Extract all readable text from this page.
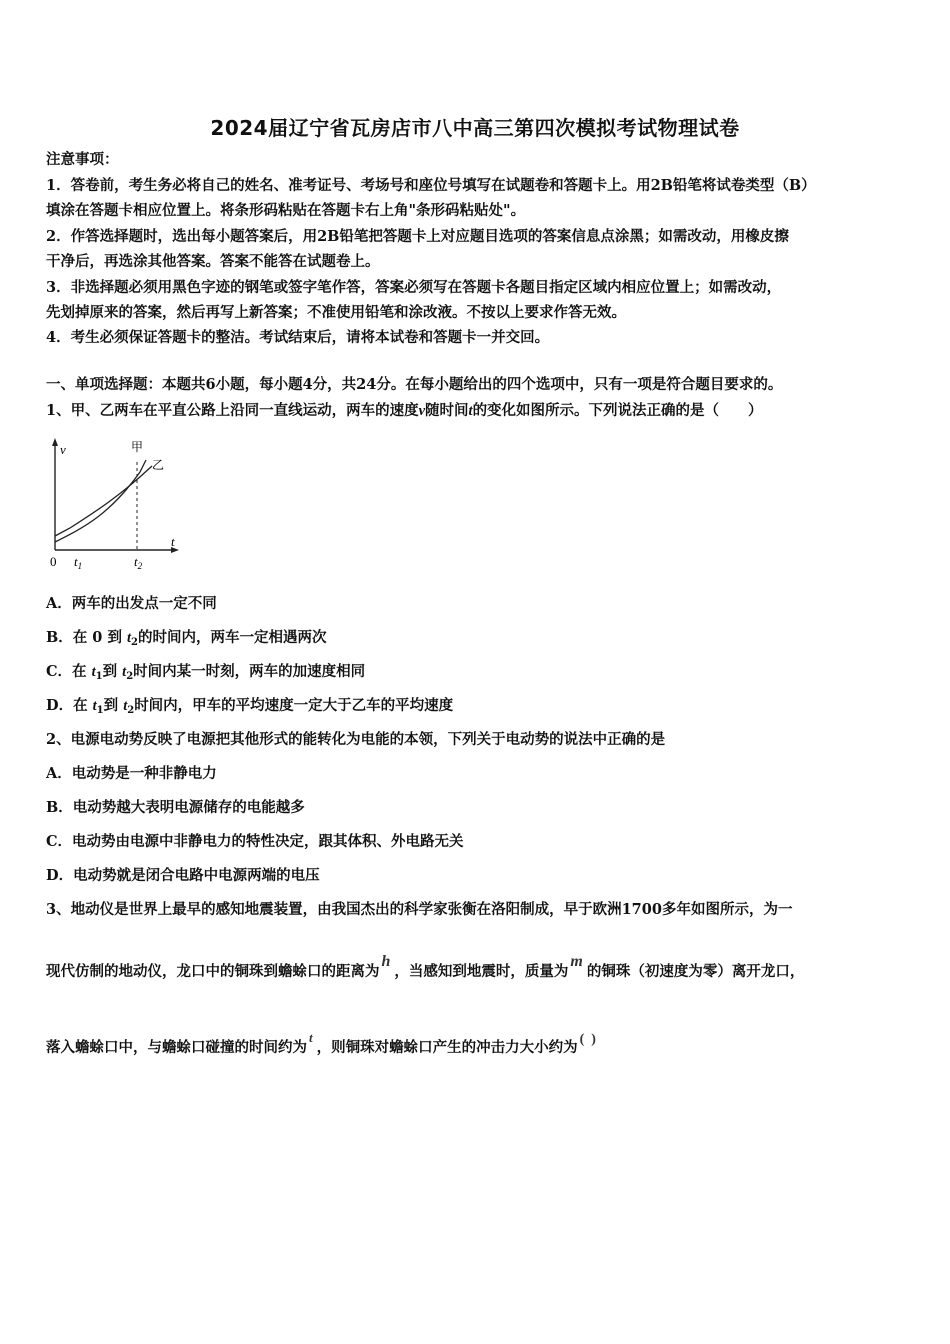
2024届辽宁省瓦房店市八中高三第四次模拟考试物理试卷
注意事项：
1．答卷前，考生务必将自己的姓名、准考证号、考场号和座位号填写在试题卷和答题卡上。用2B铅笔将试卷类型（B）
填涂在答题卡相应位置上。将条形码粘贴在答题卡右上角"条形码粘贴处"。
2．作答选择题时，选出每小题答案后，用2B铅笔把答题卡上对应题目选项的答案信息点涂黑；如需改动，用橡皮擦
干净后，再选涂其他答案。答案不能答在试题卷上。
3．非选择题必须用黑色字迹的钢笔或签字笔作答，答案必须写在答题卡各题目指定区域内相应位置上；如需改动，
先划掉原来的答案，然后再写上新答案；不准使用铅笔和涂改液。不按以上要求作答无效。
4．考生必须保证答题卡的整洁。考试结束后，请将本试卷和答题卡一并交回。
一、单项选择题：本题共6小题，每小题4分，共24分。在每小题给出的四个选项中，只有一项是符合题目要求的。
1、甲、乙两车在平直公路上沿同一直线运动，两车的速度v随时间t的变化如图所示。下列说法正确的是（　　）
v
t
0 $t_1$	$t_2$
甲
乙
A．两车的出发点一定不同
B．在 0 到 $t_2$的时间内，两车一定相遇两次
C．在 $t_1$到 $t_2$时间内某一时刻，两车的加速度相同
D．在 $t_1$到 $t_2$时间内，甲车的平均速度一定大于乙车的平均速度
2、电源电动势反映了电源把其他形式的能转化为电能的本领，下列关于电动势的说法中正确的是
A．电动势是一种非静电力
B．电动势越大表明电源储存的电能越多
C．电动势由电源中非静电力的特性决定，跟其体积、外电路无关
D．电动势就是闭合电路中电源两端的电压
3、地动仪是世界上最早的感知地震装置，由我国杰出的科学家张衡在洛阳制成，早于欧洲1700多年如图所示，为一
现代仿制的地动仪，龙口中的铜珠到蟾蜍口的距离为h，当感知到地震时，质量为m的铜珠（初速度为零）离开龙口，
落入蟾蜍口中，与蟾蜍口碰撞的时间约为t，则铜珠对蟾蜍口产生的冲击力大小约为 ( )
